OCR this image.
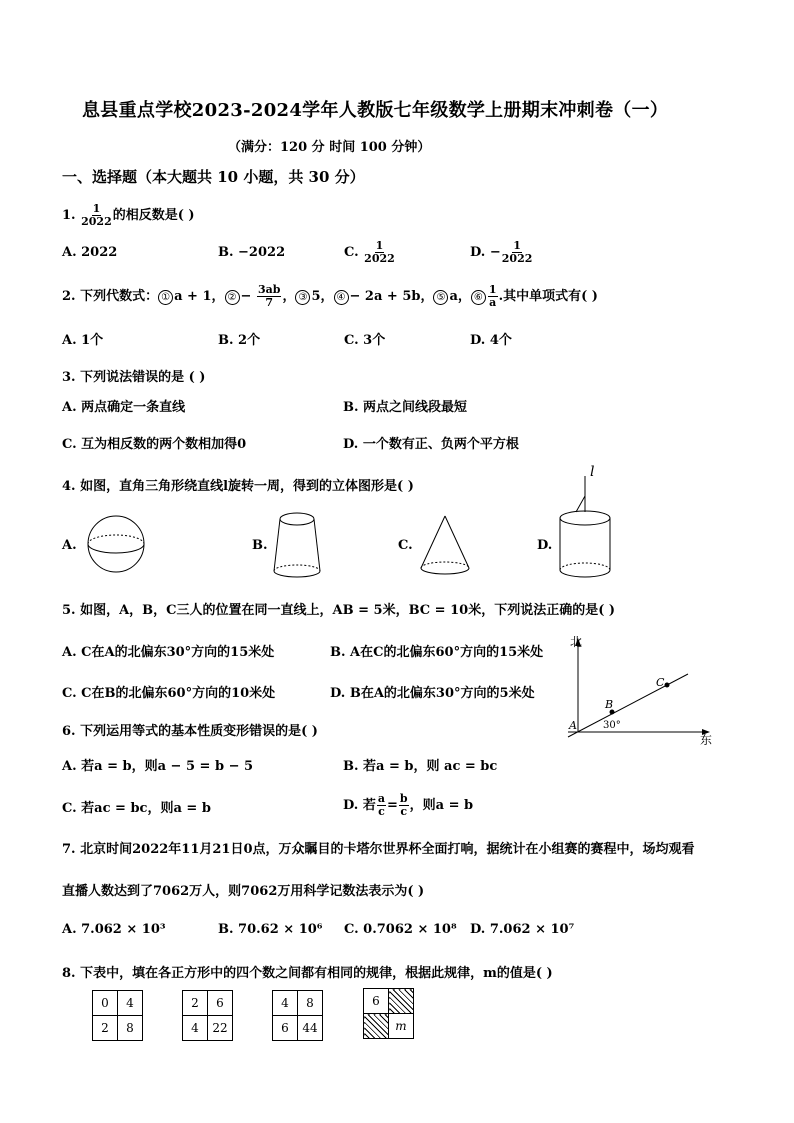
息县重点学校2023-2024学年人教版七年级数学上册期末冲刺卷（一）
（满分：120 分 时间 100 分钟）
一、选择题（本大题共 10 小题，共 30 分）
1. $\frac{1}{2022}$ 的相反数是( )
A. 2022	B. −2022	C. $\frac{1}{2022}$	D. − $\frac{1}{2022}$
2. 下列代数式： ① a + 1， ② − $\frac{3ab}{7}$ ， ③ 5， ④ − 2a + 5b， ⑤ a， ⑥ $\frac{1}{a}$ .其中单项式有( )
A. 1个	B. 2个	C. 3个	D. 4个
3. 下列说法错误的是 ( )
A. 两点确定一条直线	B. 两点之间线段最短
C. 互为相反数的两个数相加得0	D. 一个数有正、负两个平方根
4. 如图，直角三角形绕直线l旋转一周，得到的立体图形是( )
A.	B.	C.	D.
l
5. 如图，A，B，C三人的位置在同一直线上，AB = 5米，BC = 10米，下列说法正确的是( )
A. C在A的北偏东30°方向的15米处	B. A在C的北偏东60°方向的15米处
C. C在B的北偏东60°方向的10米处	D. B在A的北偏东30°方向的5米处
北
东
A
B
C
30°
6. 下列运用等式的基本性质变形错误的是( )
A. 若a = b，则a − 5 = b − 5	B. 若a = b，则 ac = bc
C. 若ac = bc，则a = b	D. 若 $\frac{a}{c} = \frac{b}{c}$ ，则a = b
7. 北京时间2022年11月21日0点，万众瞩目的卡塔尔世界杯全面打响，据统计在小组赛的赛程中，场均观看
直播人数达到了7062万人，则7062万用科学记数法表示为( )
A. 7.062 × 10³	B. 70.62 × 10⁶ C. 0.7062 × 10⁸ D. 7.062 × 10⁷
8. 下表中，填在各正方形中的四个数之间都有相同的规律，根据此规律，m的值是( )
0	4
2	8
2	6
4	22
4	8
6	44
6	
	m
